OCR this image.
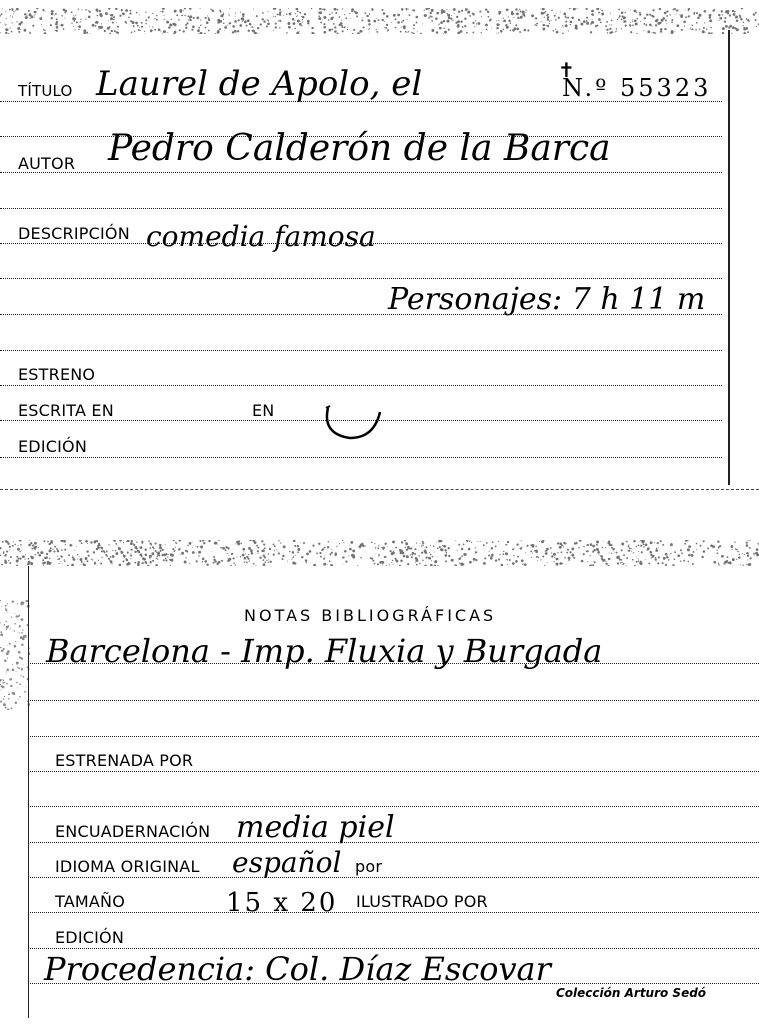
TÍTULO Laurel de Apolo, el	✝
N.º 55323
AUTOR Pedro Calderón de la Barca
DESCRIPCIÓN comedia famosa
Personajes: 7 h 11 m
ESTRENO
ESCRITA EN	EN
EDICIÓN
NOTAS BIBLIOGRÁFICAS
Barcelona - Imp. Fluxia y Burgada
ESTRENADA POR
ENCUADERNACIÓN media piel
IDIOMA ORIGINAL español por
TAMAÑO	15 x 20 ILUSTRADO POR
EDICIÓN
Procedencia: Col. Díaz Escovar
Colección Arturo Sedó
